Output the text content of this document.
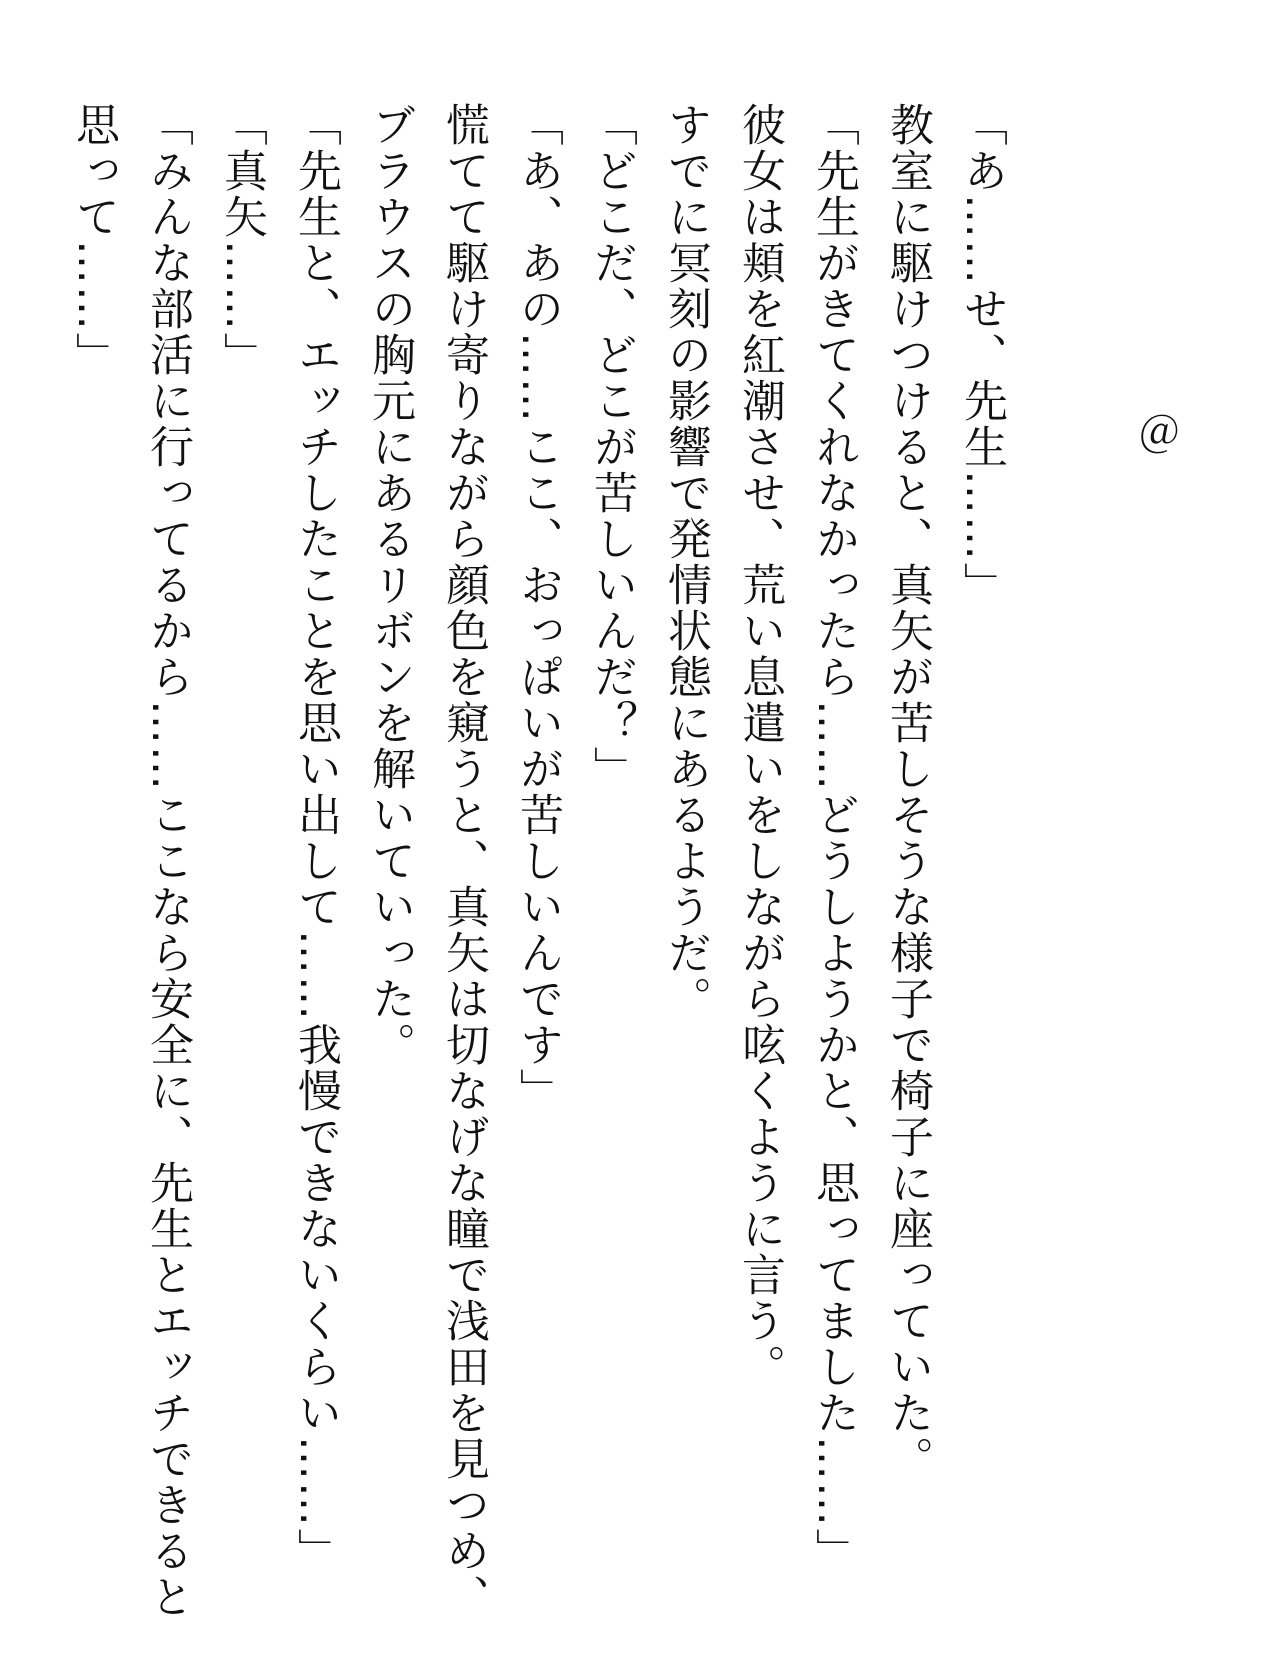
＠
「あ……せ、先生……」
教室に駆けつけると、真矢が苦しそうな様子で椅子に座っていた。
「先生がきてくれなかったら……どうしようかと、思ってました……」
彼女は頬を紅潮させ、荒い息遣いをしながら呟くように言う。
すでに冥刻の影響で発情状態にあるようだ。
「どこだ、どこが苦しいんだ？」
「あ、あの……ここ、おっぱいが苦しいんです」
慌てて駆け寄りながら顔色を窺うと、真矢は切なげな瞳で浅田を見つめ、ブラウスの胸元にあるリボンを解いていった。
「先生と、エッチしたことを思い出して……我慢できないくらい……」
「真矢……」
「みんな部活に行ってるから……ここなら安全に、先生とエッチできると思って……」
